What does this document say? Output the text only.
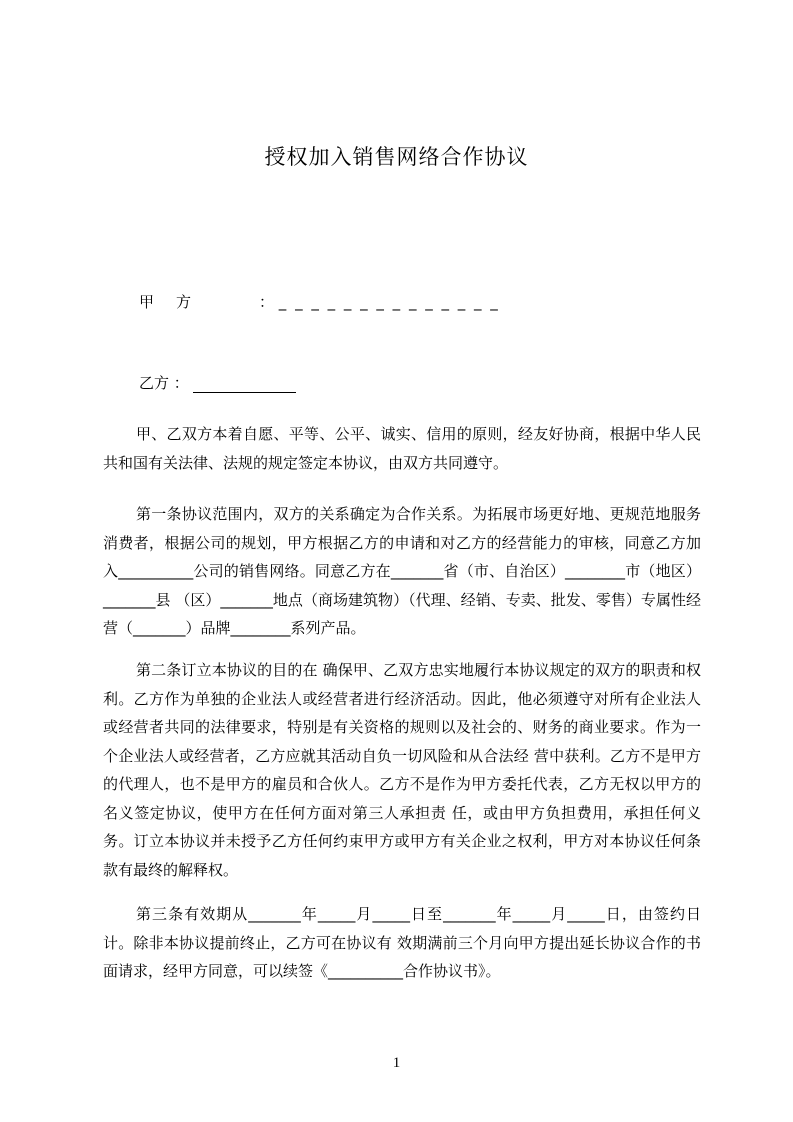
授权加入销售网络合作协议
甲方	： _ _ _ _ _ _ _ _ _ _ _ _ _ _
乙方 ：

甲、乙双方本着自愿、平等、公平、诚实、信用的原则，经友好协商，根据中华人民共和国有关法律、法规的规定签定本协议，由双方共同遵守。

第一条协议范围内，双方的关系确定为合作关系。为拓展市场更好地、更规范地服务消费者，根据公司的规划，甲方根据乙方的申请和对乙方的经营能力的审核，同意乙方加入__________公司的销售网络。同意乙方在_______省（市、自治区）________市（地区）_______县 （区）_______地点（商场建筑物）（代理、经销、专卖、批发、零售）专属性经营（_______）品牌________系列产品。

第二条订立本协议的目的在 确保甲、乙双方忠实地履行本协议规定的双方的职责和权利。乙方作为单独的企业法人或经营者进行经济活动。因此，他必须遵守对所有企业法人或经营者共同的法律要求，特别是有关资格的规则以及社会的、财务的商业要求。作为一个企业法人或经营者，乙方应就其活动自负一切风险和从合法经 营中获利。乙方不是甲方的代理人，也不是甲方的雇员和合伙人。乙方不是作为甲方委托代表，乙方无权以甲方的名义签定协议，使甲方在任何方面对第三人承担责 任，或由甲方负担费用，承担任何义务。订立本协议并未授予乙方任何约束甲方或甲方有关企业之权利，甲方对本协议任何条款有最终的解释权。

第三条有效期从_______年_____月_____日至_______年_____月_____日，由签约日计。除非本协议提前终止，乙方可在协议有 效期满前三个月向甲方提出延长协议合作的书面请求，经甲方同意，可以续签《__________合作协议书》。

1
